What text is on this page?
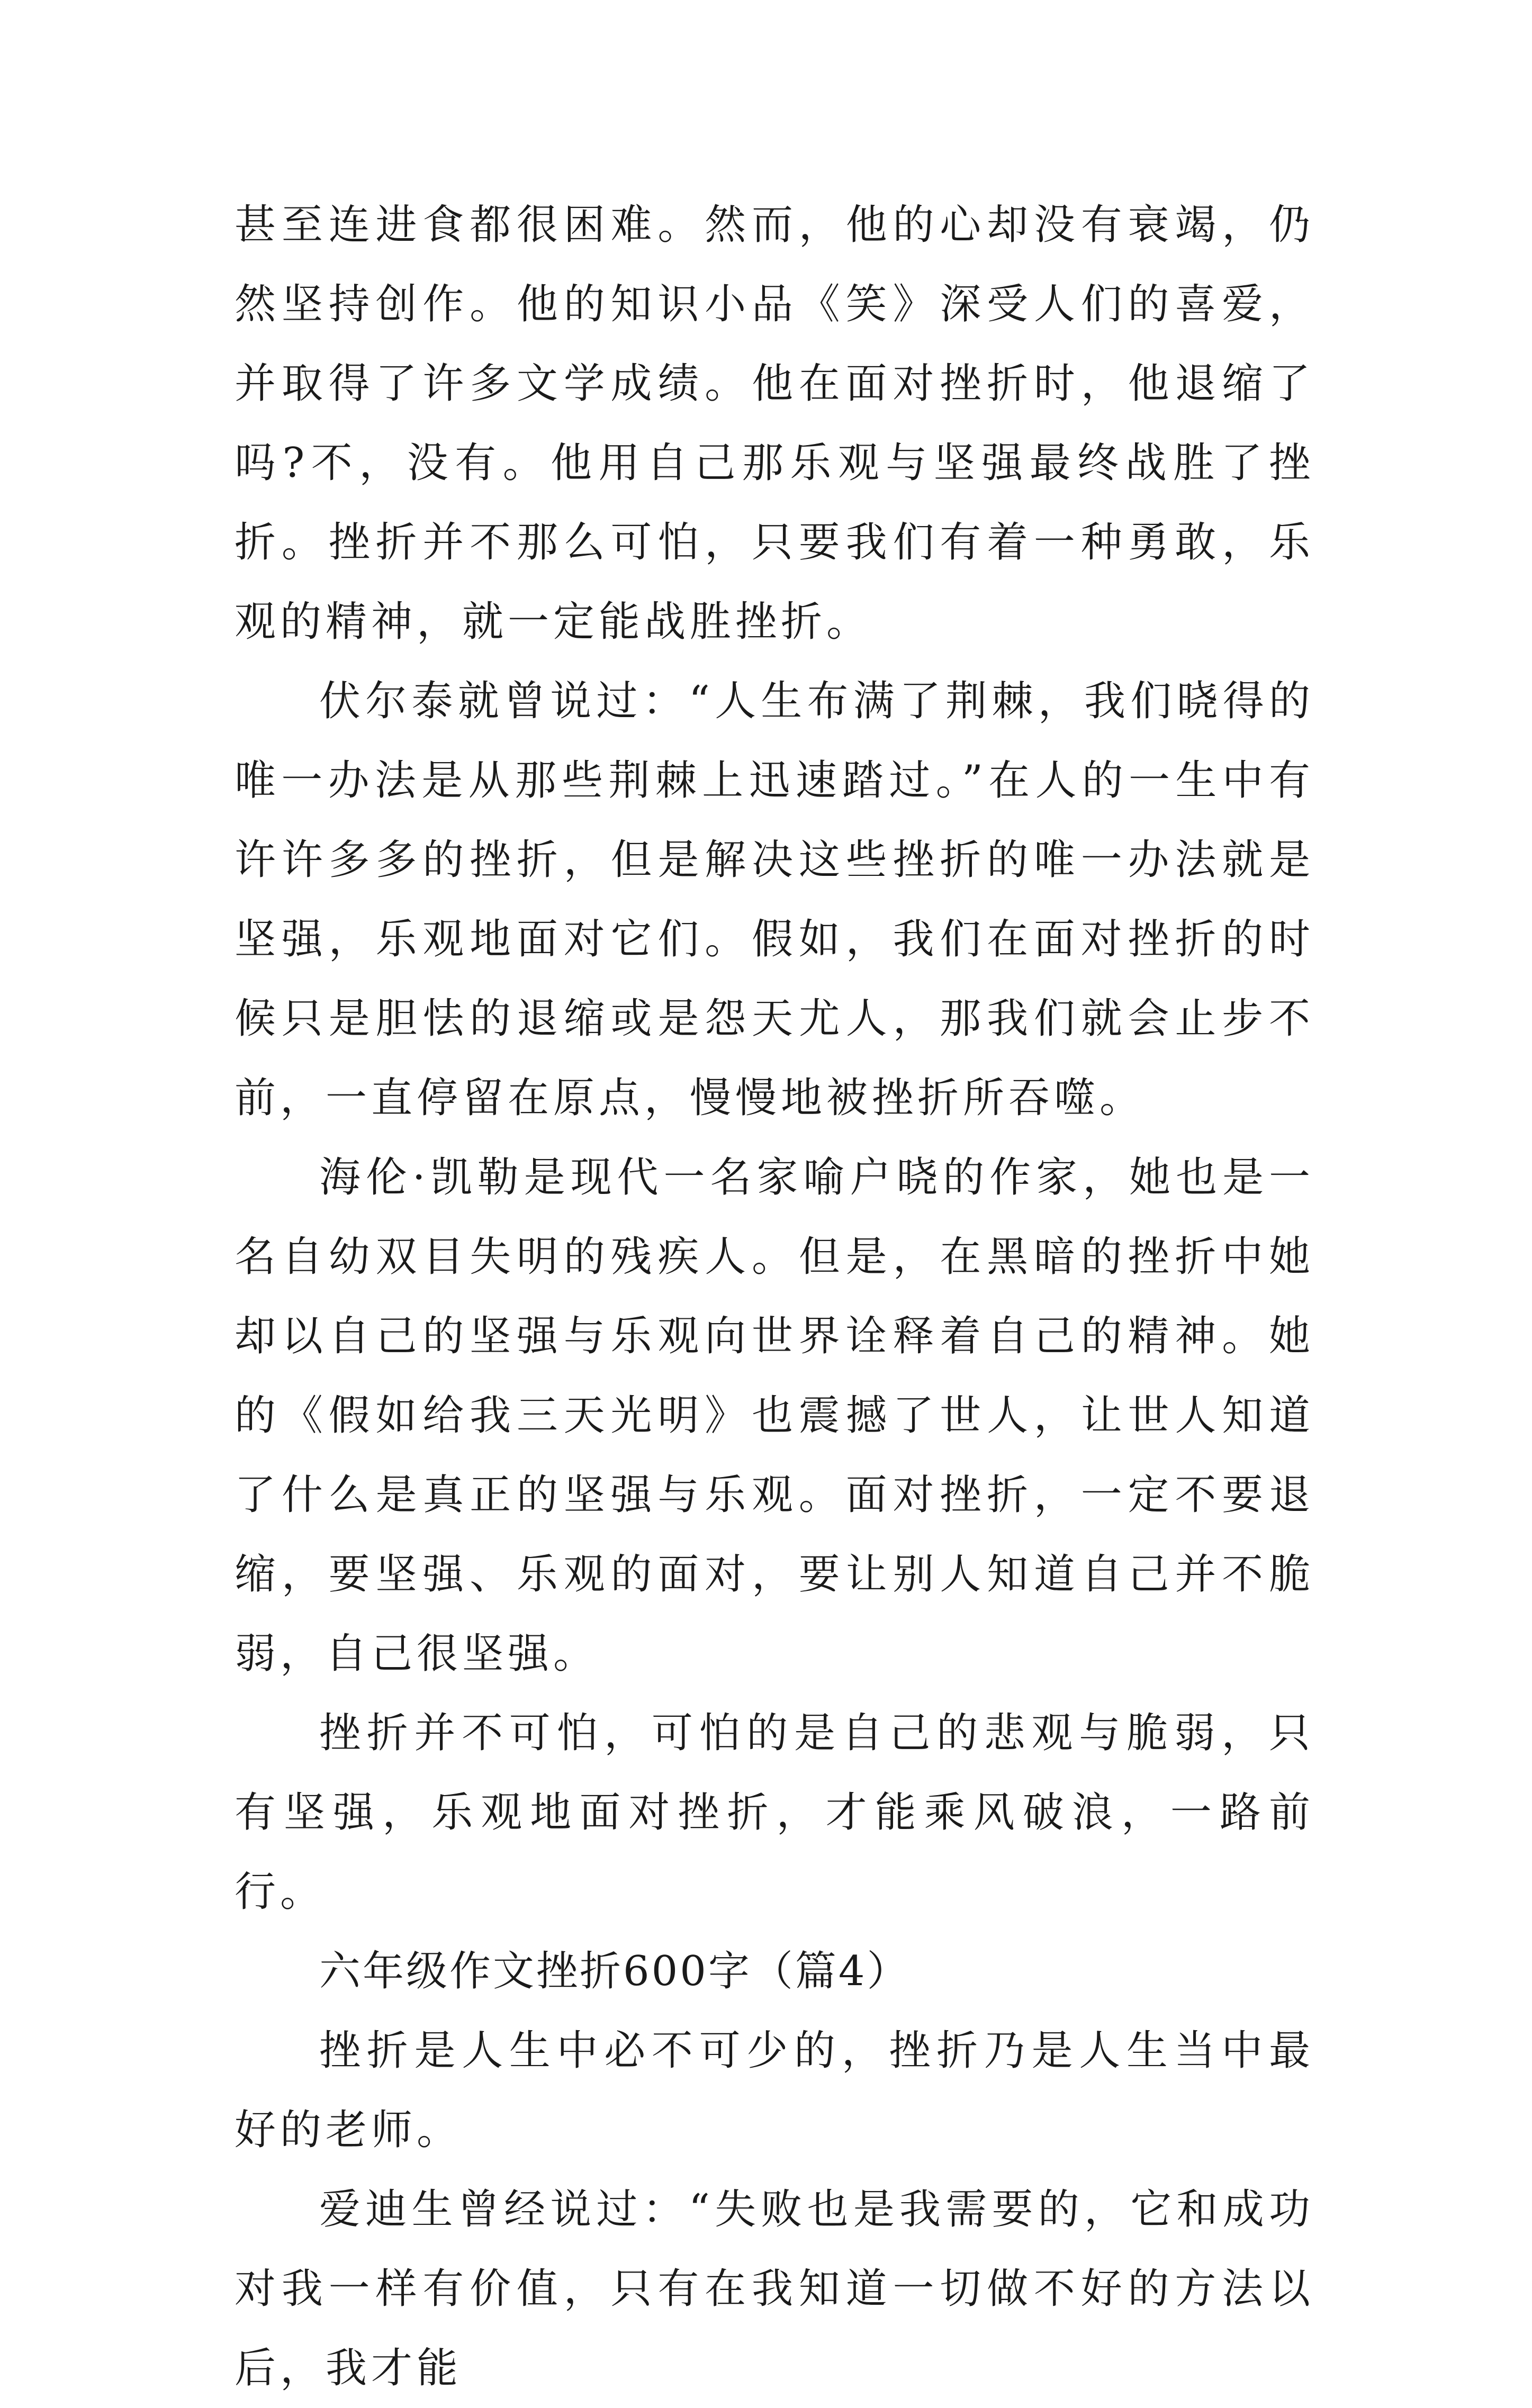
甚至连进食都很困难。然而，他的心却没有衰竭，仍然坚持创作。他的知识小品《笑》深受人们的喜爱，并取得了许多文学成绩。他在面对挫折时，他退缩了吗?不，没有。他用自己那乐观与坚强最终战胜了挫折。挫折并不那么可怕，只要我们有着一种勇敢，乐观的精神，就一定能战胜挫折。

伏尔泰就曾说过：“人生布满了荆棘，我们晓得的唯一办法是从那些荆棘上迅速踏过。”在人的一生中有许许多多的挫折，但是解决这些挫折的唯一办法就是坚强，乐观地面对它们。假如，我们在面对挫折的时候只是胆怯的退缩或是怨天尤人，那我们就会止步不前，一直停留在原点，慢慢地被挫折所吞噬。

海伦·凯勒是现代一名家喻户晓的作家，她也是一名自幼双目失明的残疾人。但是，在黑暗的挫折中她却以自己的坚强与乐观向世界诠释着自己的精神。她的《假如给我三天光明》也震撼了世人，让世人知道了什么是真正的坚强与乐观。面对挫折，一定不要退缩，要坚强、乐观的面对，要让别人知道自己并不脆弱，自己很坚强。

挫折并不可怕，可怕的是自己的悲观与脆弱，只有坚强，乐观地面对挫折，才能乘风破浪，一路前行。

六年级作文挫折600字（篇4）

挫折是人生中必不可少的，挫折乃是人生当中最好的老师。

爱迪生曾经说过：“失败也是我需要的，它和成功对我一样有价值，只有在我知道一切做不好的方法以后，我才能
